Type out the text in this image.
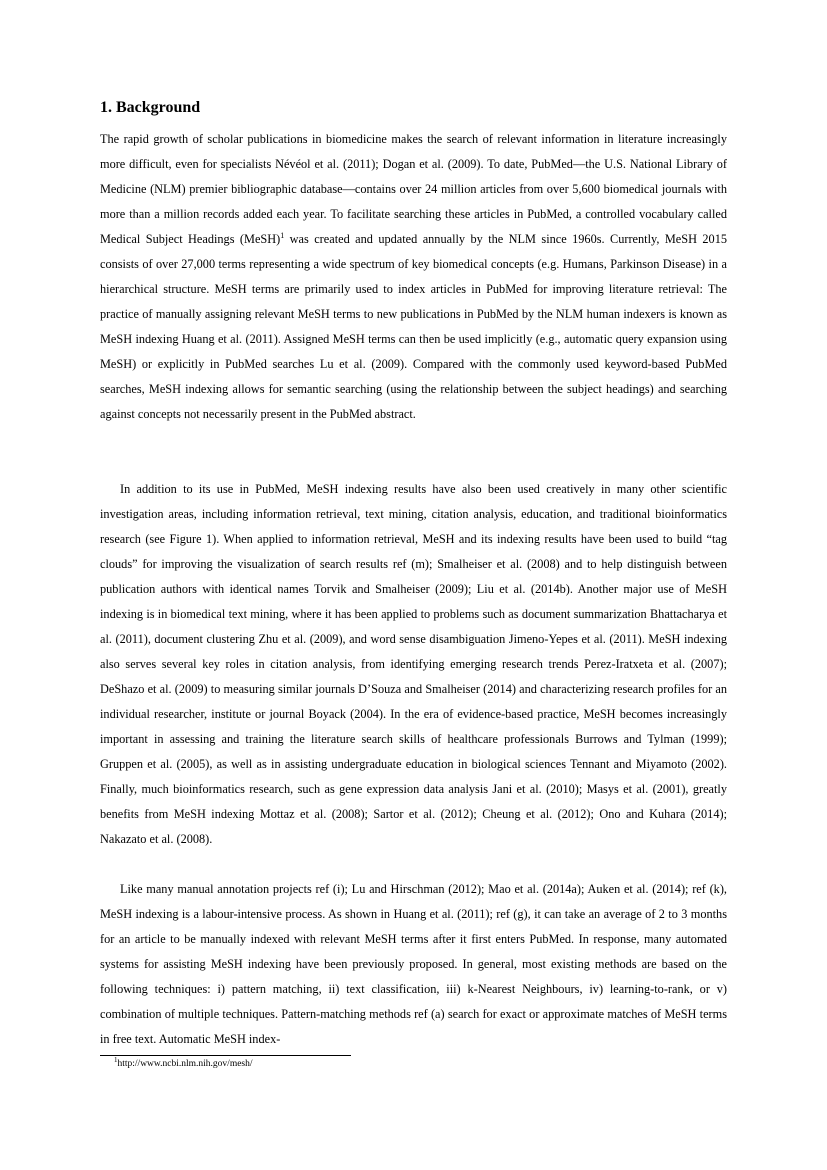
1. Background

The rapid growth of scholar publications in biomedicine makes the search of relevant information in literature increasingly more difficult, even for specialists Névéol et al. (2011); Dogan et al. (2009). To date, PubMed—the U.S. National Library of Medicine (NLM) premier bibliographic database—contains over 24 million articles from over 5,600 biomedical journals with more than a million records added each year. To facilitate searching these articles in PubMed, a controlled vocabulary called Medical Subject Headings (MeSH)$^1$ was created and updated annually by the NLM since 1960s. Currently, MeSH 2015 consists of over 27,000 terms representing a wide spectrum of key biomedical concepts (e.g. Humans, Parkinson Disease) in a hierarchical structure. MeSH terms are primarily used to index articles in PubMed for improving literature retrieval: The practice of manually assigning relevant MeSH terms to new publications in PubMed by the NLM human indexers is known as MeSH indexing Huang et al. (2011). Assigned MeSH terms can then be used implicitly (e.g., automatic query expansion using MeSH) or explicitly in PubMed searches Lu et al. (2009). Compared with the commonly used keyword-based PubMed searches, MeSH indexing allows for semantic searching (using the relationship between the subject headings) and searching against concepts not necessarily present in the PubMed abstract.

In addition to its use in PubMed, MeSH indexing results have also been used creatively in many other scientific investigation areas, including information retrieval, text mining, citation analysis, education, and traditional bioinformatics research (see Figure 1). When applied to information retrieval, MeSH and its indexing results have been used to build “tag clouds” for improving the visualization of search results ref (m); Smalheiser et al. (2008) and to help distinguish between publication authors with identical names Torvik and Smalheiser (2009); Liu et al. (2014b). Another major use of MeSH indexing is in biomedical text mining, where it has been applied to problems such as document summarization Bhattacharya et al. (2011), document clustering Zhu et al. (2009), and word sense disambiguation Jimeno-Yepes et al. (2011). MeSH indexing also serves several key roles in citation analysis, from identifying emerging research trends Perez-Iratxeta et al. (2007); DeShazo et al. (2009) to measuring similar journals D’Souza and Smalheiser (2014) and characterizing research profiles for an individual researcher, institute or journal Boyack (2004). In the era of evidence-based practice, MeSH becomes increasingly important in assessing and training the literature search skills of healthcare professionals Burrows and Tylman (1999); Gruppen et al. (2005), as well as in assisting undergraduate education in biological sciences Tennant and Miyamoto (2002). Finally, much bioinformatics research, such as gene expression data analysis Jani et al. (2010); Masys et al. (2001), greatly benefits from MeSH indexing Mottaz et al. (2008); Sartor et al. (2012); Cheung et al. (2012); Ono and Kuhara (2014); Nakazato et al. (2008).

Like many manual annotation projects ref (i); Lu and Hirschman (2012); Mao et al. (2014a); Auken et al. (2014); ref (k), MeSH indexing is a labour-intensive process. As shown in Huang et al. (2011); ref (g), it can take an average of 2 to 3 months for an article to be manually indexed with relevant MeSH terms after it first enters PubMed. In response, many automated systems for assisting MeSH indexing have been previously proposed. In general, most existing methods are based on the following techniques: i) pattern matching, ii) text classification, iii) k-Nearest Neighbours, iv) learning-to-rank, or v) combination of multiple techniques. Pattern-matching methods ref (a) search for exact or approximate matches of MeSH terms in free text. Automatic MeSH index-

$^1$http://www.ncbi.nlm.nih.gov/mesh/
